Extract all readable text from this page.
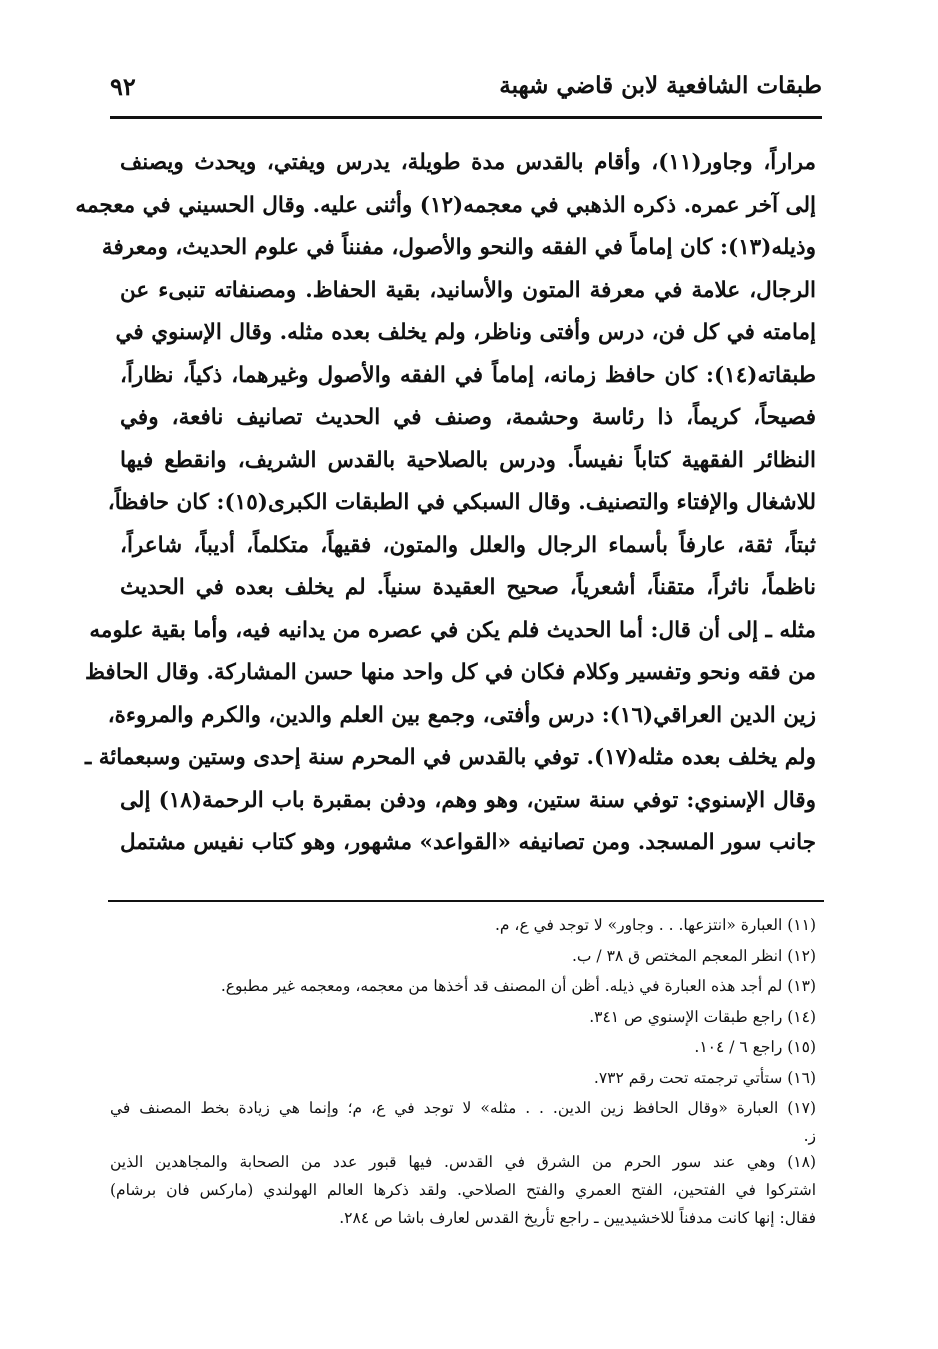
٩٢	طبقات الشافعية لابن قاضي شهبة
مراراً، وجاور(١١)، وأقام بالقدس مدة طويلة، يدرس ويفتي، ويحدث ويصنف
إلى آخر عمره. ذكره الذهبي في معجمه(١٢) وأثنى عليه. وقال الحسيني في معجمه
وذيله(١٣): كان إماماً في الفقه والنحو والأصول، مفنناً في علوم الحديث، ومعرفة
الرجال، علامة في معرفة المتون والأسانيد، بقية الحفاظ. ومصنفاته تنبىء عن
إمامته في كل فن، درس وأفتى وناظر، ولم يخلف بعده مثله. وقال الإسنوي في
طبقاته(١٤): كان حافظ زمانه، إماماً في الفقه والأصول وغيرهما، ذكياً، نظاراً،
فصيحاً، كريماً، ذا رئاسة وحشمة، وصنف في الحديث تصانيف نافعة، وفي
النظائر الفقهية كتاباً نفيساً. ودرس بالصلاحية بالقدس الشريف، وانقطع فيها
للاشغال والإفتاء والتصنيف. وقال السبكي في الطبقات الكبرى(١٥): كان حافظاً،
ثبتاً، ثقة، عارفاً بأسماء الرجال والعلل والمتون، فقيهاً، متكلماً، أديباً، شاعراً،
ناظماً، ناثراً، متقناً، أشعرياً، صحيح العقيدة سنياً. لم يخلف بعده في الحديث
مثله ـ إلى أن قال: أما الحديث فلم يكن في عصره من يدانيه فيه، وأما بقية علومه
من فقه ونحو وتفسير وكلام فكان في كل واحد منها حسن المشاركة. وقال الحافظ
زين الدين العراقي(١٦): درس وأفتى، وجمع بين العلم والدين، والكرم والمروءة،
ولم يخلف بعده مثله(١٧). توفي بالقدس في المحرم سنة إحدى وستين وسبعمائة ـ
وقال الإسنوي: توفي سنة ستين، وهو وهم، ودفن بمقبرة باب الرحمة(١٨) إلى
جانب سور المسجد. ومن تصانيفه «القواعد» مشهور، وهو كتاب نفيس مشتمل
(١١) العبارة «انتزعها. . . وجاور» لا توجد في ع، م.
(١٢) انظر المعجم المختص ق ٣٨ / ب.
(١٣) لم أجد هذه العبارة في ذيله. أظن أن المصنف قد أخذها من معجمه، ومعجمه غير مطبوع.
(١٤) راجع طبقات الإسنوي ص ٣٤١.
(١٥) راجع ٦ / ١٠٤.
(١٦) ستأتي ترجمته تحت رقم ٧٣٢.
(١٧) العبارة «وقال الحافظ زين الدين. . . مثله» لا توجد في ع، م؛ وإنما هي زيادة بخط المصنف في
ز.
(١٨) وهي عند سور الحرم من الشرق في القدس. فيها قبور عدد من الصحابة والمجاهدين الذين
اشتركوا في الفتحين، الفتح العمري والفتح الصلاحي. ولقد ذكرها العالم الهولندي (ماركس فان برشام)
فقال: إنها كانت مدفناً للاخشيديين ـ راجع تأريخ القدس لعارف باشا ص ٢٨٤.
